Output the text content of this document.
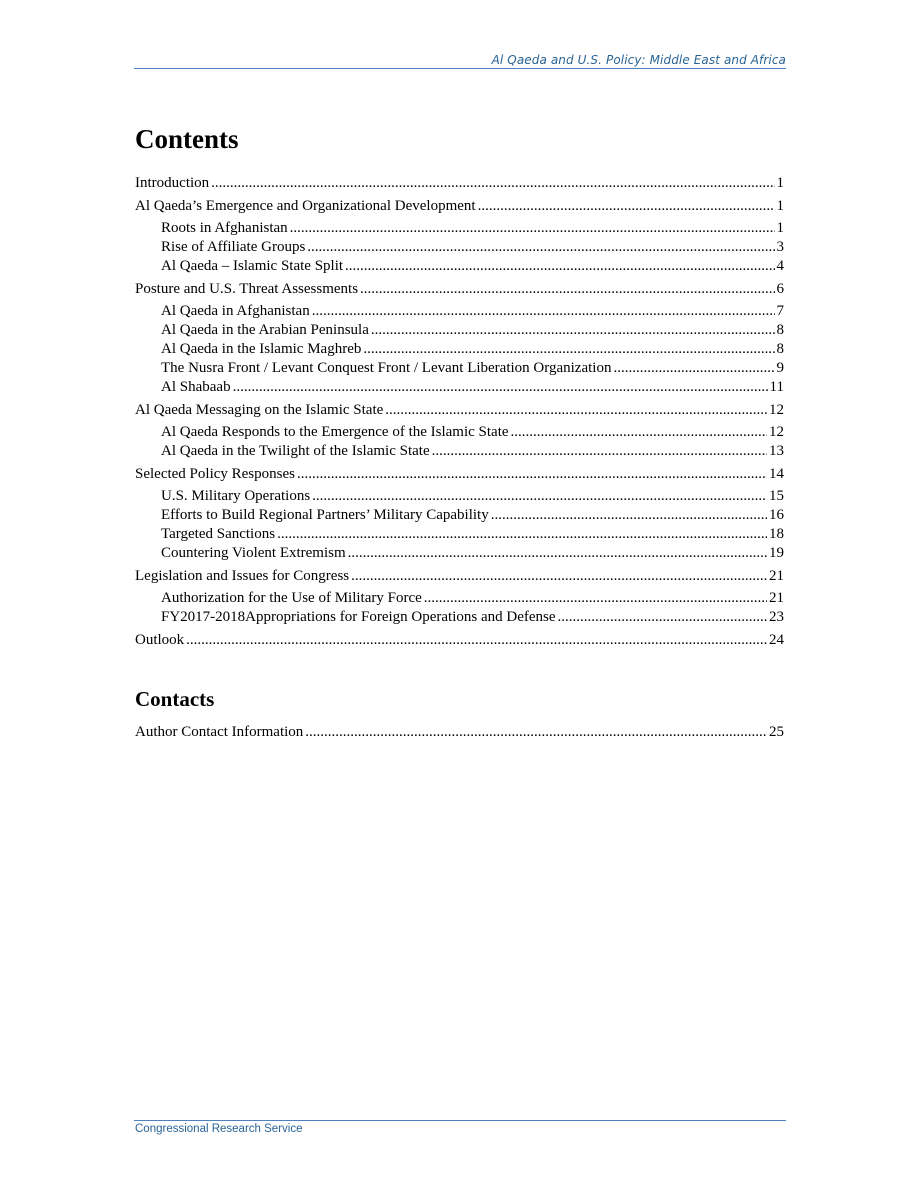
Al Qaeda and U.S. Policy: Middle East and Africa
Contents
Introduction .....	1
Al Qaeda’s Emergence and Organizational Development .....	1
Roots in Afghanistan .....	1
Rise of Affiliate Groups .....	3
Al Qaeda – Islamic State Split .....	4
Posture and U.S. Threat Assessments .....	6
Al Qaeda in Afghanistan .....	7
Al Qaeda in the Arabian Peninsula .....	8
Al Qaeda in the Islamic Maghreb .....	8
The Nusra Front / Levant Conquest Front / Levant Liberation Organization .....	9
Al Shabaab .....	11
Al Qaeda Messaging on the Islamic State .....	12
Al Qaeda Responds to the Emergence of the Islamic State .....	12
Al Qaeda in the Twilight of the Islamic State .....	13
Selected Policy Responses .....	14
U.S. Military Operations .....	15
Efforts to Build Regional Partners’ Military Capability .....	16
Targeted Sanctions .....	18
Countering Violent Extremism .....	19
Legislation and Issues for Congress .....	21
Authorization for the Use of Military Force .....	21
FY2017-2018Appropriations for Foreign Operations and Defense .....	23
Outlook .....	24
Contacts
Author Contact Information .....	25
Congressional Research Service
